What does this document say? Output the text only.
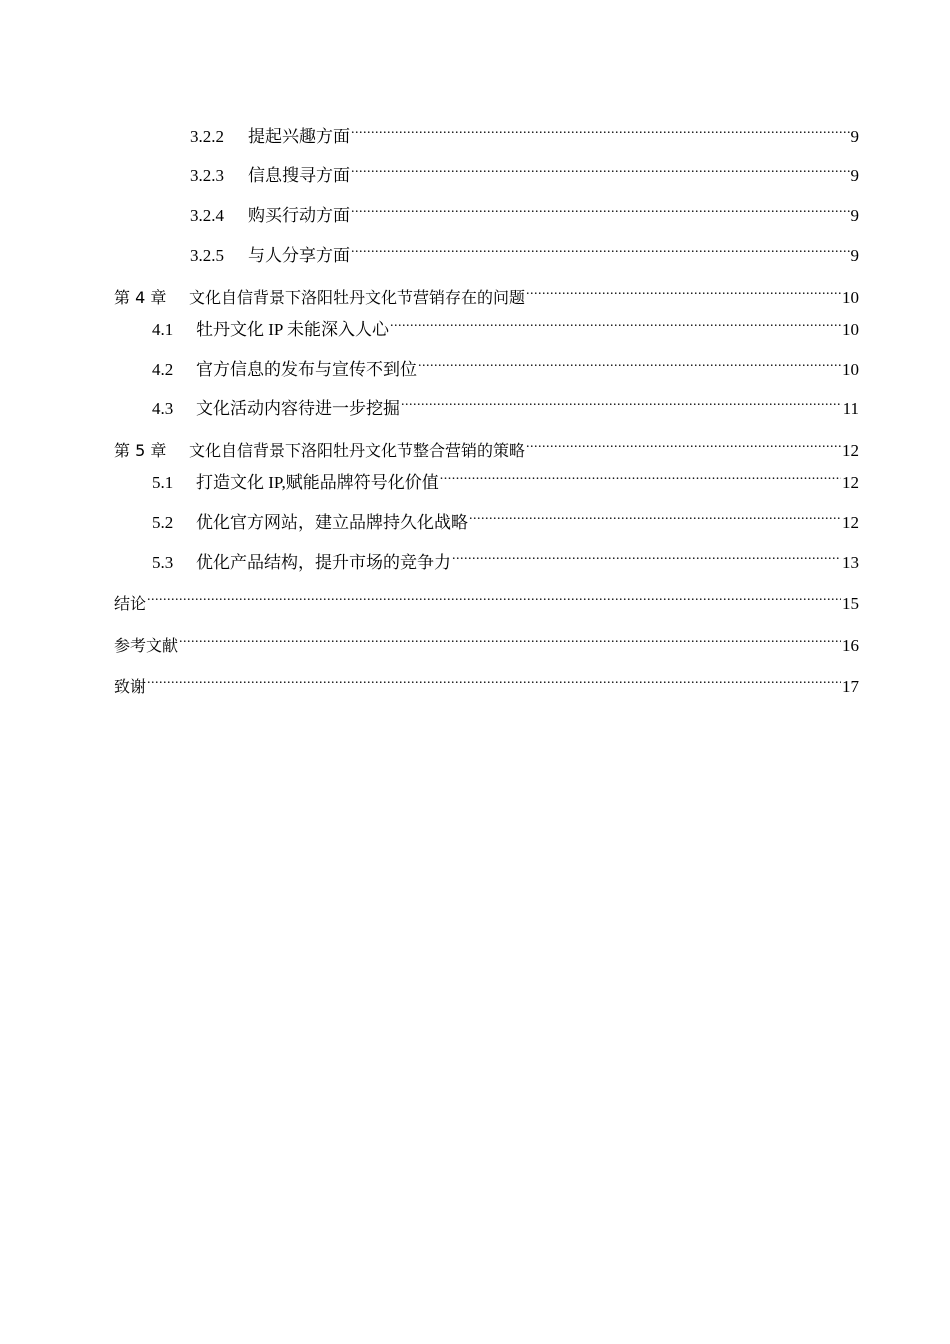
3.2.2	提起兴趣方面 .....	9
3.2.3	信息搜寻方面 .....	9
3.2.4	购买行动方面 .....	9
3.2.5	与人分享方面 .....	9
第 4 章	文化自信背景下洛阳牡丹文化节营销存在的问题 .....	10
4.1	牡丹文化 IP 未能深入人心 .....	10
4.2	官方信息的发布与宣传不到位 .....	10
4.3	文化活动内容待进一步挖掘 .....	11
第 5 章	文化自信背景下洛阳牡丹文化节整合营销的策略 .....	12
5.1	打造文化 IP,赋能品牌符号化价值 .....	12
5.2	优化官方网站，建立品牌持久化战略 .....	12
5.3	优化产品结构，提升市场的竞争力 .....	13
结论 .....	15
参考文献 .....	16
致谢 .....	17
